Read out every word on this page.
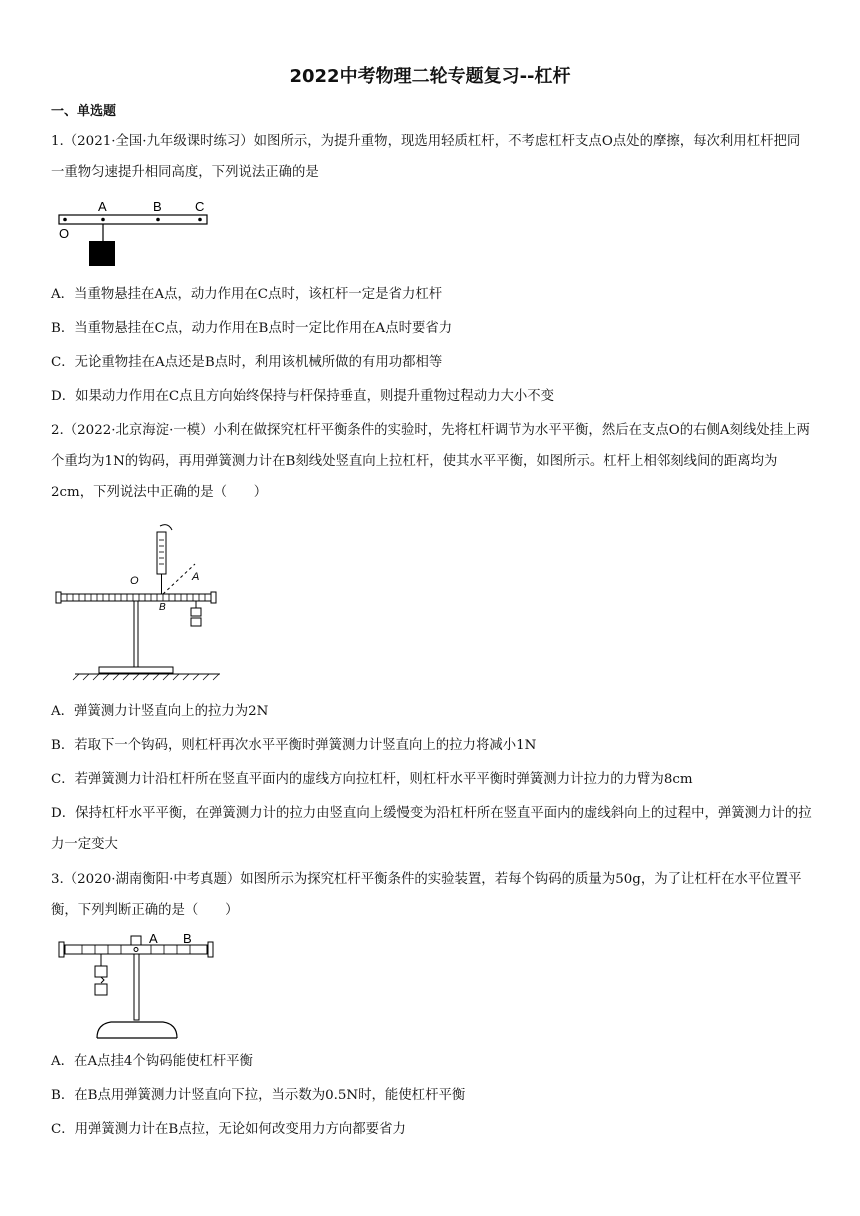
2022中考物理二轮专题复习--杠杆
一、单选题
1.（2021·全国·九年级课时练习）如图所示，为提升重物，现选用轻质杠杆，不考虑杠杆支点O点处的摩擦，每次利用杠杆把同一重物匀速提升相同高度，下列说法正确的是
A	B	C
O
A．当重物悬挂在A点，动力作用在C点时，该杠杆一定是省力杠杆
B．当重物悬挂在C点，动力作用在B点时一定比作用在A点时要省力
C．无论重物挂在A点还是B点时，利用该机械所做的有用功都相等
D．如果动力作用在C点且方向始终保持与杆保持垂直，则提升重物过程动力大小不变
2.（2022·北京海淀·一模）小利在做探究杠杆平衡条件的实验时，先将杠杆调节为水平平衡，然后在支点O的右侧A刻线处挂上两个重均为1N的钩码，再用弹簧测力计在B刻线处竖直向上拉杠杆，使其水平平衡，如图所示。杠杆上相邻刻线间的距离均为2cm，下列说法中正确的是（　　）
O	A
B
A．弹簧测力计竖直向上的拉力为2N
B．若取下一个钩码，则杠杆再次水平平衡时弹簧测力计竖直向上的拉力将减小1N
C．若弹簧测力计沿杠杆所在竖直平面内的虚线方向拉杠杆，则杠杆水平平衡时弹簧测力计拉力的力臂为8cm
D．保持杠杆水平平衡，在弹簧测力计的拉力由竖直向上缓慢变为沿杠杆所在竖直平面内的虚线斜向上的过程中，弹簧测力计的拉力一定变大
3.（2020·湖南衡阳·中考真题）如图所示为探究杠杆平衡条件的实验装置，若每个钩码的质量为50g，为了让杠杆在水平位置平衡，下列判断正确的是（　　）
A B
A．在A点挂4个钩码能使杠杆平衡
B．在B点用弹簧测力计竖直向下拉，当示数为0.5N时，能使杠杆平衡
C．用弹簧测力计在B点拉，无论如何改变用力方向都要省力
